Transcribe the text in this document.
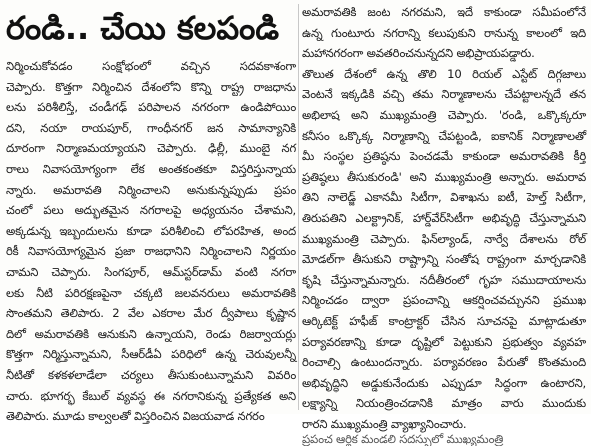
రండి.. చేయి కలపండి
నిర్మించుకోవడం సంక్షోభంలో వచ్చిన సదవకాశంగా
చెప్పారు. కొత్తగా నిర్మించిన దేశంలోని కొన్ని రాష్ట్ర రాజధాను
లను పరిశీలిస్తే, చండీగఢ్ పరిపాలన నగరంగా ఉండిపోయిం
దని, నయా రాయపూర్, గాంధీనగర్ జన సామాన్యానికి
దూరంగా నిర్మాణమయ్యాయని చెప్పారు. ఢిల్లీ, ముంబై నగ
రాలు నివాసయోగ్యంగా లేక అంతకంతకూ విస్తరిస్తున్నాయ
న్నారు. అమరావతి నిర్మించాలని అనుకున్నప్పుడు ప్రపం
చంలో పలు అద్భుతమైన నగరాలపై అధ్యయనం చేశామని,
అక్కడున్న ఇబ్బందులను కూడా పరిశీలించి లోపరహిత, అంద
రికీ నివాసయోగ్యమైన ప్రజా రాజధానిని నిర్మించాలని నిర్ణయం
చామని చెప్పారు. సింగపూర్, ఆమ్‌స్టర్‌డామ్ వంటి నగరా
లకు నీటి పరిరక్షణపైనా చక్కటి జలవనరులు అమరావతికి
సొంతమని తెలిపారు. 2 వేల ఎకరాల మేర ద్వీపాలు కృష్ణాన
దిలో అమరావతికి ఆనుకుని ఉన్నాయని, రెండు రిజర్వాయర్లు
కొత్తగా నిర్మిస్తున్నామని, సీఆర్‌డీఏ పరిధిలో ఉన్న చెరువులన్నీ
నీటితో కళకళలాడేలా చర్యలు తీసుకుంటున్నామని వివరిం
చారు. భూగర్భ కేబుల్ వ్యవస్థ ఈ నగరానికున్న ప్రత్యేకత అని
తెలిపారు. మూడు కాల్వలతో విస్తరించిన విజయవాడ నగరం
అమరావతికి జంట నగరమని, ఇదే కాకుండా సమీపంలోనే
ఉన్న గుంటూరు నగరాన్ని కలుపుకుని రానున్న కాలంలో ఇది
మహానగరంగా అవతరించనున్నదని అభిప్రాయపడ్డారు.
తొలుత దేశంలో ఉన్న తొలి 10 రియల్ ఎస్టేట్ దిగ్గజాలు
వెంటనే ఇక్కడికి వచ్చి తమ నిర్మాణాలను చేపట్టాలన్నదే తన
అభిలాష అని ముఖ్యమంత్రి చెప్పారు. 'రండి, ఒక్కొక్కరూ
కనీసం ఒక్కొక్క నిర్మాణాన్ని చేపట్టండి, ఐకానిక్ నిర్మాణాలతో
మీ సంస్థల ప్రతిష్ఠను పెంచడమే కాకుండా అమరావతికి కీర్తి
ప్రతిష్ఠలు తీసుకురండి' అని ముఖ్యమంత్రి అన్నారు. అమరావ
తిని నాలెడ్జ్ ఎకానమీ సిటీగా, విశాఖను ఐటీ, హెల్త్ సిటీగా,
తిరుపతిని ఎలక్ట్రానిక్, హార్డ్‌వేర్‌సిటీగా అభివృద్ధి చేస్తున్నామని
ముఖ్యమంత్రి చెప్పారు. ఫిన్‌ల్యాండ్, నార్వే దేశాలను రోల్
మోడల్‌గా తీసుకుని రాష్ట్రాన్ని సంతోష రాష్ట్రంగా మార్చడానికి
కృషి చేస్తున్నామన్నారు. నదీతీరంలో గృహ సముదాయాలను
నిర్మించడం ద్వారా ప్రపంచాన్ని ఆకర్షించవచ్చునని ప్రముఖ
ఆర్కిటెక్ట్ హఫీజ్ కాంట్రాక్టర్ చేసిన సూచనపై మాట్లాడుతూ
పర్యావరణాన్ని కూడా దృష్టిలో పెట్టుకుని ప్రభుత్వం వ్యవహ
రించాల్సి ఉంటుందన్నారు. పర్యావరణం పేరుతో కొంతమంది
అభివృద్ధిని అడ్డుకునేందుకు ఎప్పుడూ సిద్ధంగా ఉంటారని,
లక్ష్యాన్ని నియంత్రించడానికి మాత్రం వారు ముందుకు
రారని ముఖ్యమంత్రి వ్యాఖ్యానించారు.
ప్రపంచ ఆర్థిక మండలి సదస్సులో ముఖ్యమంత్రి
